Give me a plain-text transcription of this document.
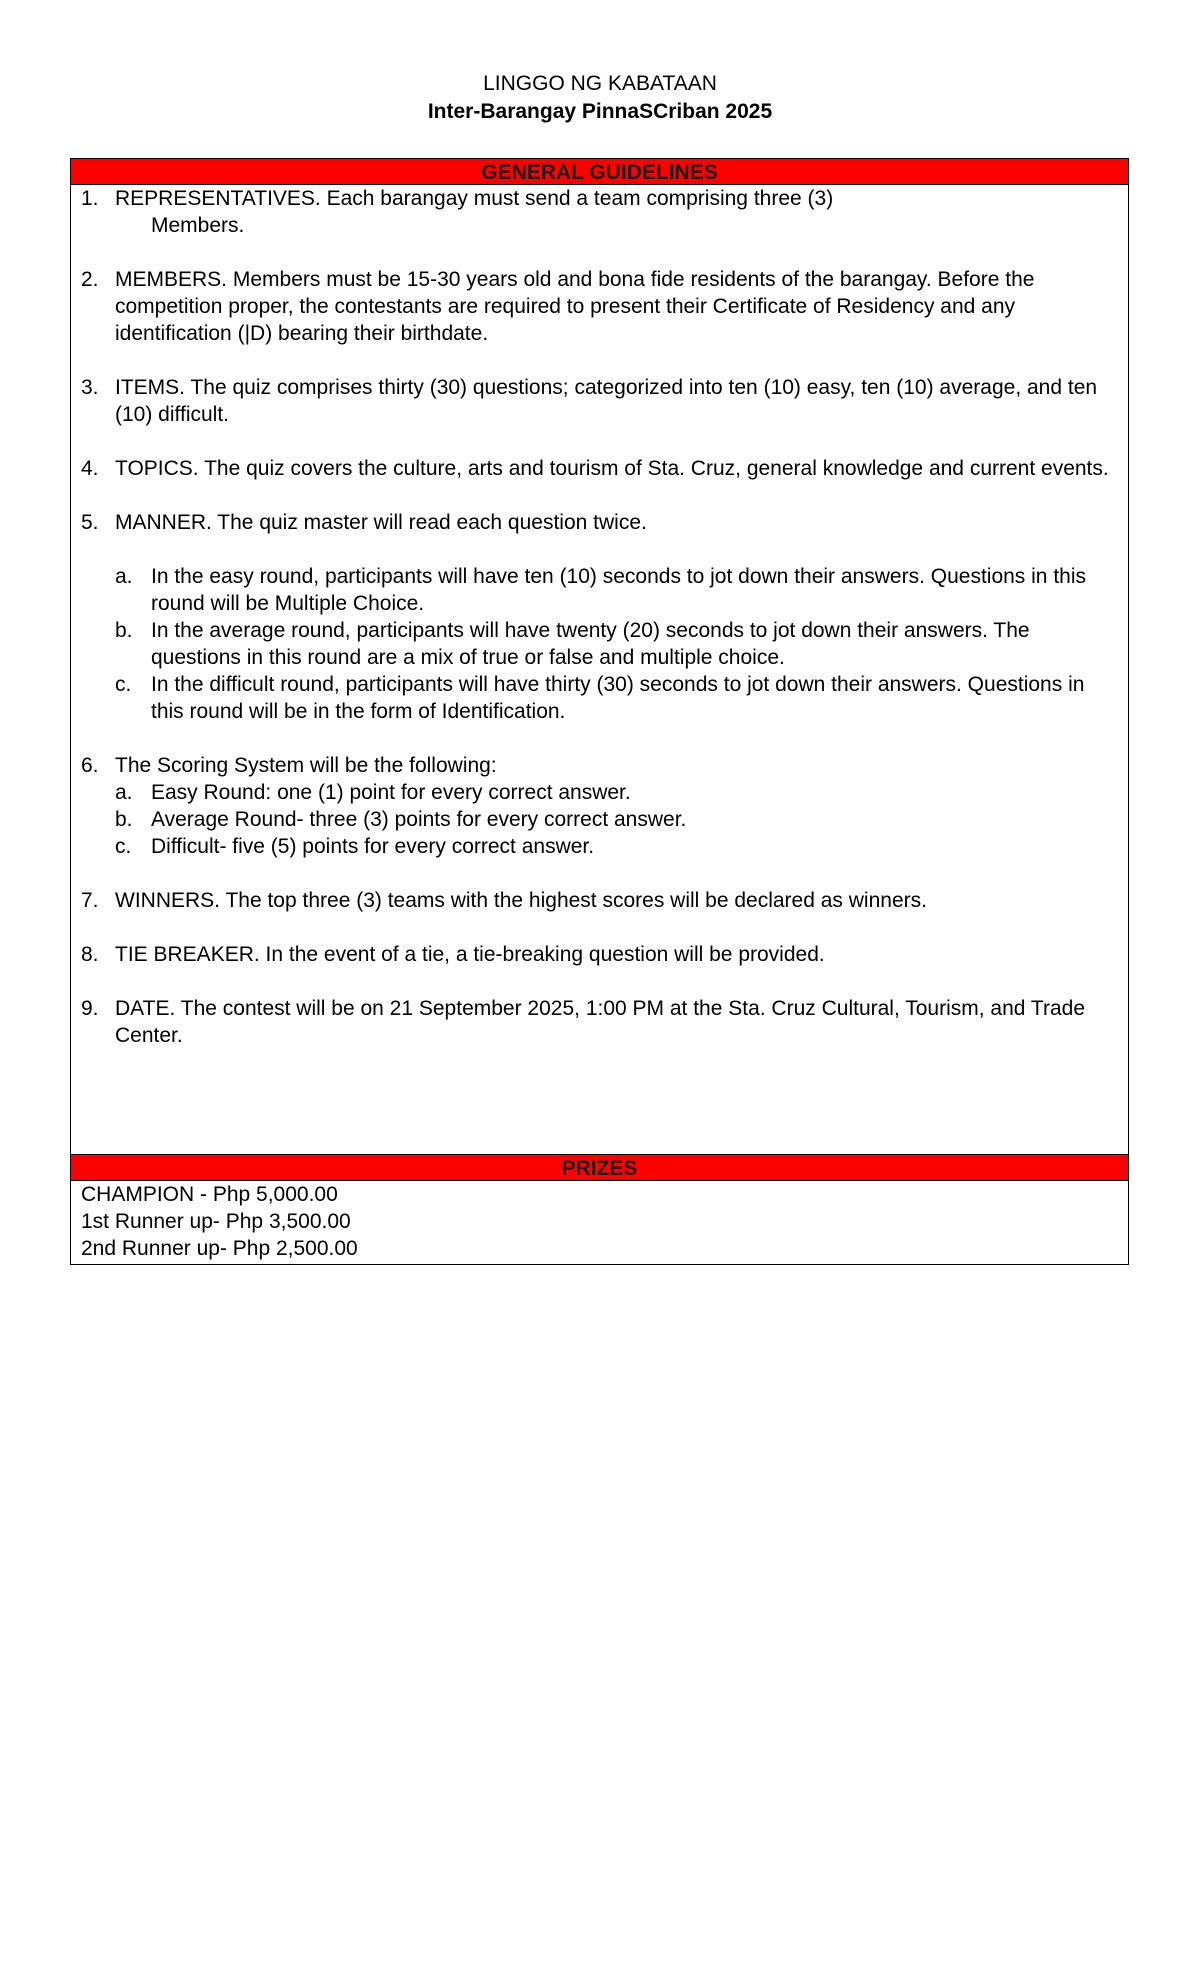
LINGGO NG KABATAAN
Inter-Barangay PinnaSCriban 2025
GENERAL GUIDELINES
1. REPRESENTATIVES. Each barangay must send a team comprising three (3)
Members.
2. MEMBERS. Members must be 15-30 years old and bona fide residents of the barangay. Before the competition proper, the contestants are required to present their Certificate of Residency and any identification (|D) bearing their birthdate.
3. ITEMS. The quiz comprises thirty (30) questions; categorized into ten (10) easy, ten (10) average, and ten (10) difficult.
4. TOPICS. The quiz covers the culture, arts and tourism of Sta. Cruz, general knowledge and current events.
5. MANNER. The quiz master will read each question twice.
a. In the easy round, participants will have ten (10) seconds to jot down their answers. Questions in this round will be Multiple Choice.
b. In the average round, participants will have twenty (20) seconds to jot down their answers. The questions in this round are a mix of true or false and multiple choice.
c. In the difficult round, participants will have thirty (30) seconds to jot down their answers. Questions in this round will be in the form of Identification.
6. The Scoring System will be the following:
a. Easy Round: one (1) point for every correct answer.
b. Average Round- three (3) points for every correct answer.
c. Difficult- five (5) points for every correct answer.
7. WINNERS. The top three (3) teams with the highest scores will be declared as winners.
8. TIE BREAKER. In the event of a tie, a tie-breaking question will be provided.
9. DATE. The contest will be on 21 September 2025, 1:00 PM at the Sta. Cruz Cultural, Tourism, and Trade Center.
PRIZES
CHAMPION - Php 5,000.00
1st Runner up- Php 3,500.00
2nd Runner up- Php 2,500.00
